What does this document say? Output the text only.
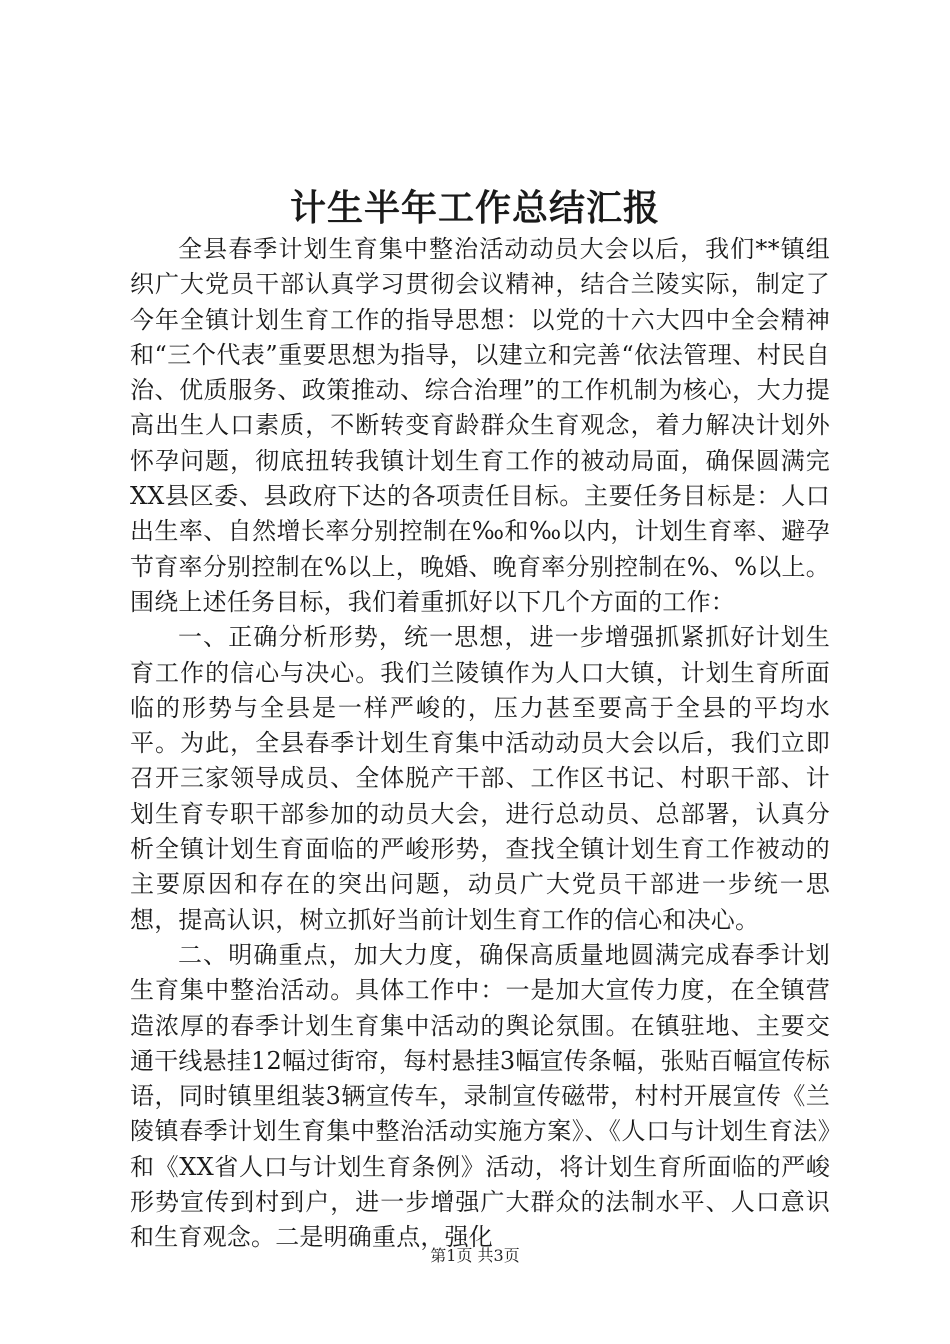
计生半年工作总结汇报

全县春季计划生育集中整治活动动员大会以后，我们**镇组织广大党员干部认真学习贯彻会议精神，结合兰陵实际，制定了今年全镇计划生育工作的指导思想：以党的十六大四中全会精神和“三个代表”重要思想为指导，以建立和完善“依法管理、村民自治、优质服务、政策推动、综合治理”的工作机制为核心，大力提高出生人口素质，不断转变育龄群众生育观念，着力解决计划外怀孕问题，彻底扭转我镇计划生育工作的被动局面，确保圆满完XX县区委、县政府下达的各项责任目标。主要任务目标是：人口出生率、自然增长率分别控制在‰和‰以内，计划生育率、避孕节育率分别控制在%以上，晚婚、晚育率分别控制在%、%以上。围绕上述任务目标，我们着重抓好以下几个方面的工作：

一、正确分析形势，统一思想，进一步增强抓紧抓好计划生育工作的信心与决心。我们兰陵镇作为人口大镇，计划生育所面临的形势与全县是一样严峻的，压力甚至要高于全县的平均水平。为此，全县春季计划生育集中活动动员大会以后，我们立即召开三家领导成员、全体脱产干部、工作区书记、村职干部、计划生育专职干部参加的动员大会，进行总动员、总部署，认真分析全镇计划生育面临的严峻形势，查找全镇计划生育工作被动的主要原因和存在的突出问题，动员广大党员干部进一步统一思想，提高认识，树立抓好当前计划生育工作的信心和决心。

二、明确重点，加大力度，确保高质量地圆满完成春季计划生育集中整治活动。具体工作中：一是加大宣传力度，在全镇营造浓厚的春季计划生育集中活动的舆论氛围。在镇驻地、主要交通干线悬挂12幅过街帘，每村悬挂3幅宣传条幅，张贴百幅宣传标语，同时镇里组装3辆宣传车，录制宣传磁带，村村开展宣传《兰陵镇春季计划生育集中整治活动实施方案》、《人口与计划生育法》和《XX省人口与计划生育条例》活动，将计划生育所面临的严峻形势宣传到村到户，进一步增强广大群众的法制水平、人口意识和生育观念。二是明确重点，强化

第1页 共3页
